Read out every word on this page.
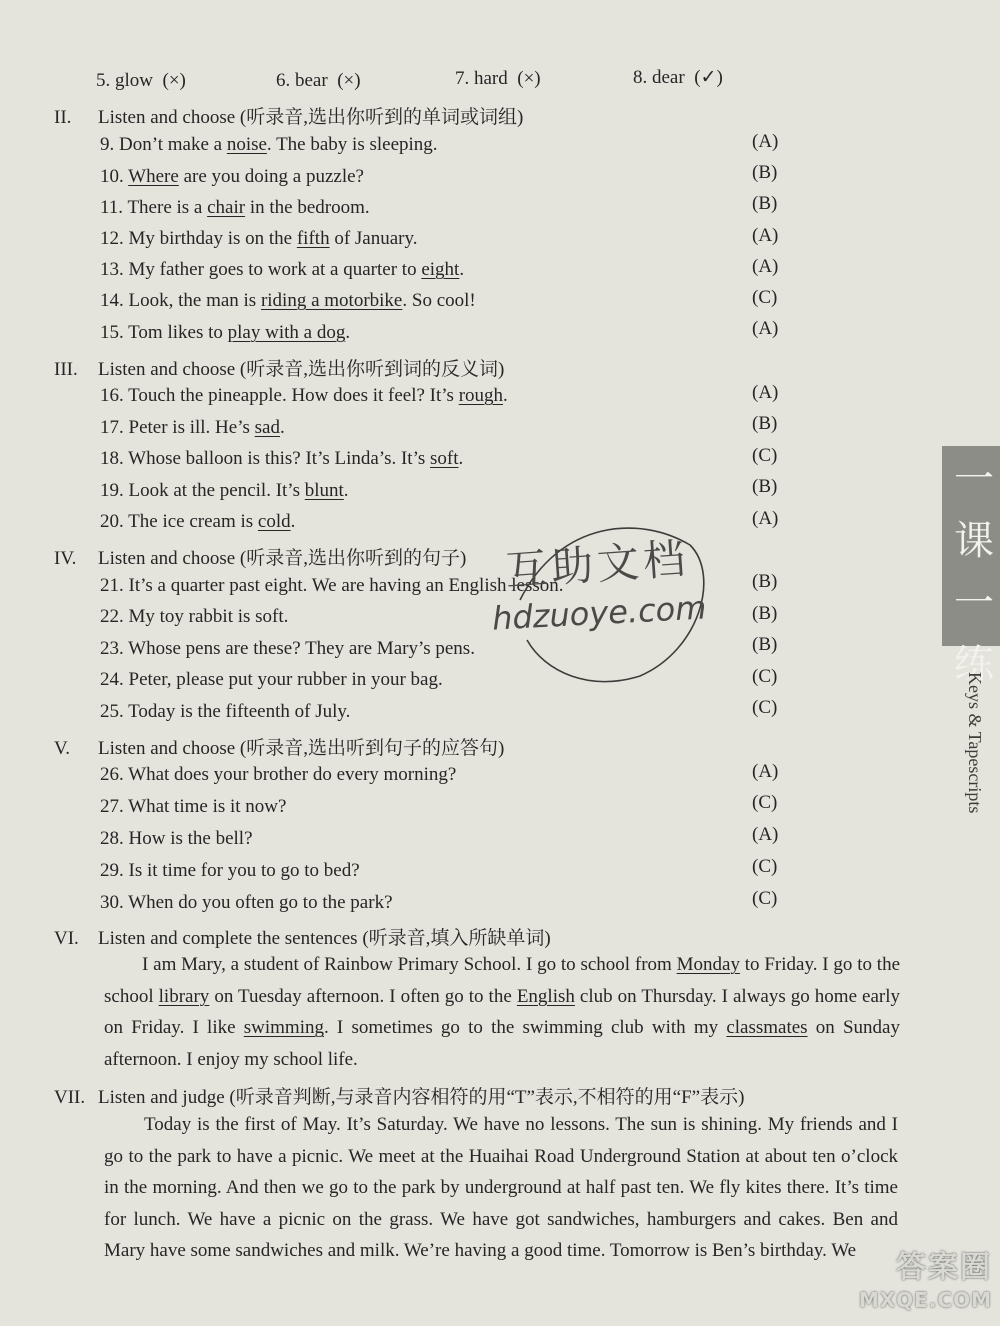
5. glow (×)	6. bear (×)	7. hard (×)	8. dear (✓)
II. Listen and choose (听录音,选出你听到的单词或词组)
9. Don’t make a noise. The baby is sleeping.	(A)
10. Where are you doing a puzzle?	(B)
11. There is a chair in the bedroom.	(B)
12. My birthday is on the fifth of January.	(A)
13. My father goes to work at a quarter to eight.	(A)
14. Look, the man is riding a motorbike. So cool!	(C)
15. Tom likes to play with a dog.	(A)
III. Listen and choose (听录音,选出你听到词的反义词)
16. Touch the pineapple. How does it feel? It’s rough.	(A)
17. Peter is ill. He’s sad.	(B)
18. Whose balloon is this? It’s Linda’s. It’s soft.	(C)
19. Look at the pencil. It’s blunt.	(B)
20. The ice cream is cold.	(A)
IV. Listen and choose (听录音,选出你听到的句子)
21. It’s a quarter past eight. We are having an English lesson.	(B)
22. My toy rabbit is soft.	(B)
23. Whose pens are these? They are Mary’s pens.	(B)
24. Peter, please put your rubber in your bag.	(C)
25. Today is the fifteenth of July.	(C)
V. Listen and choose (听录音,选出听到句子的应答句)
26. What does your brother do every morning?	(A)
27. What time is it now?	(C)
28. How is the bell?	(A)
29. Is it time for you to go to bed?	(C)
30. When do you often go to the park?	(C)
VI. Listen and complete the sentences (听录音,填入所缺单词)
I am Mary, a student of Rainbow Primary School. I go to school from Monday to Friday. I go to the school library on Tuesday afternoon. I often go to the English club on Thursday. I always go home early on Friday. I like swimming. I sometimes go to the swimming club with my classmates on Sunday afternoon. I enjoy my school life.
VII. Listen and judge (听录音判断,与录音内容相符的用“T”表示,不相符的用“F”表示)
Today is the first of May. It’s Saturday. We have no lessons. The sun is shining. My friends and I go to the park to have a picnic. We meet at the Huaihai Road Underground Station at about ten o’clock in the morning. And then we go to the park by underground at half past ten. We fly kites there. It’s time for lunch. We have a picnic on the grass. We have got sandwiches, hamburgers and cakes. Ben and Mary have some sandwiches and milk. We’re having a good time. Tomorrow is Ben’s birthday. We
一
课
一
练
Keys & Tapescripts
互助文档
hdzuoye.com
答案圈
MXQE.COM
